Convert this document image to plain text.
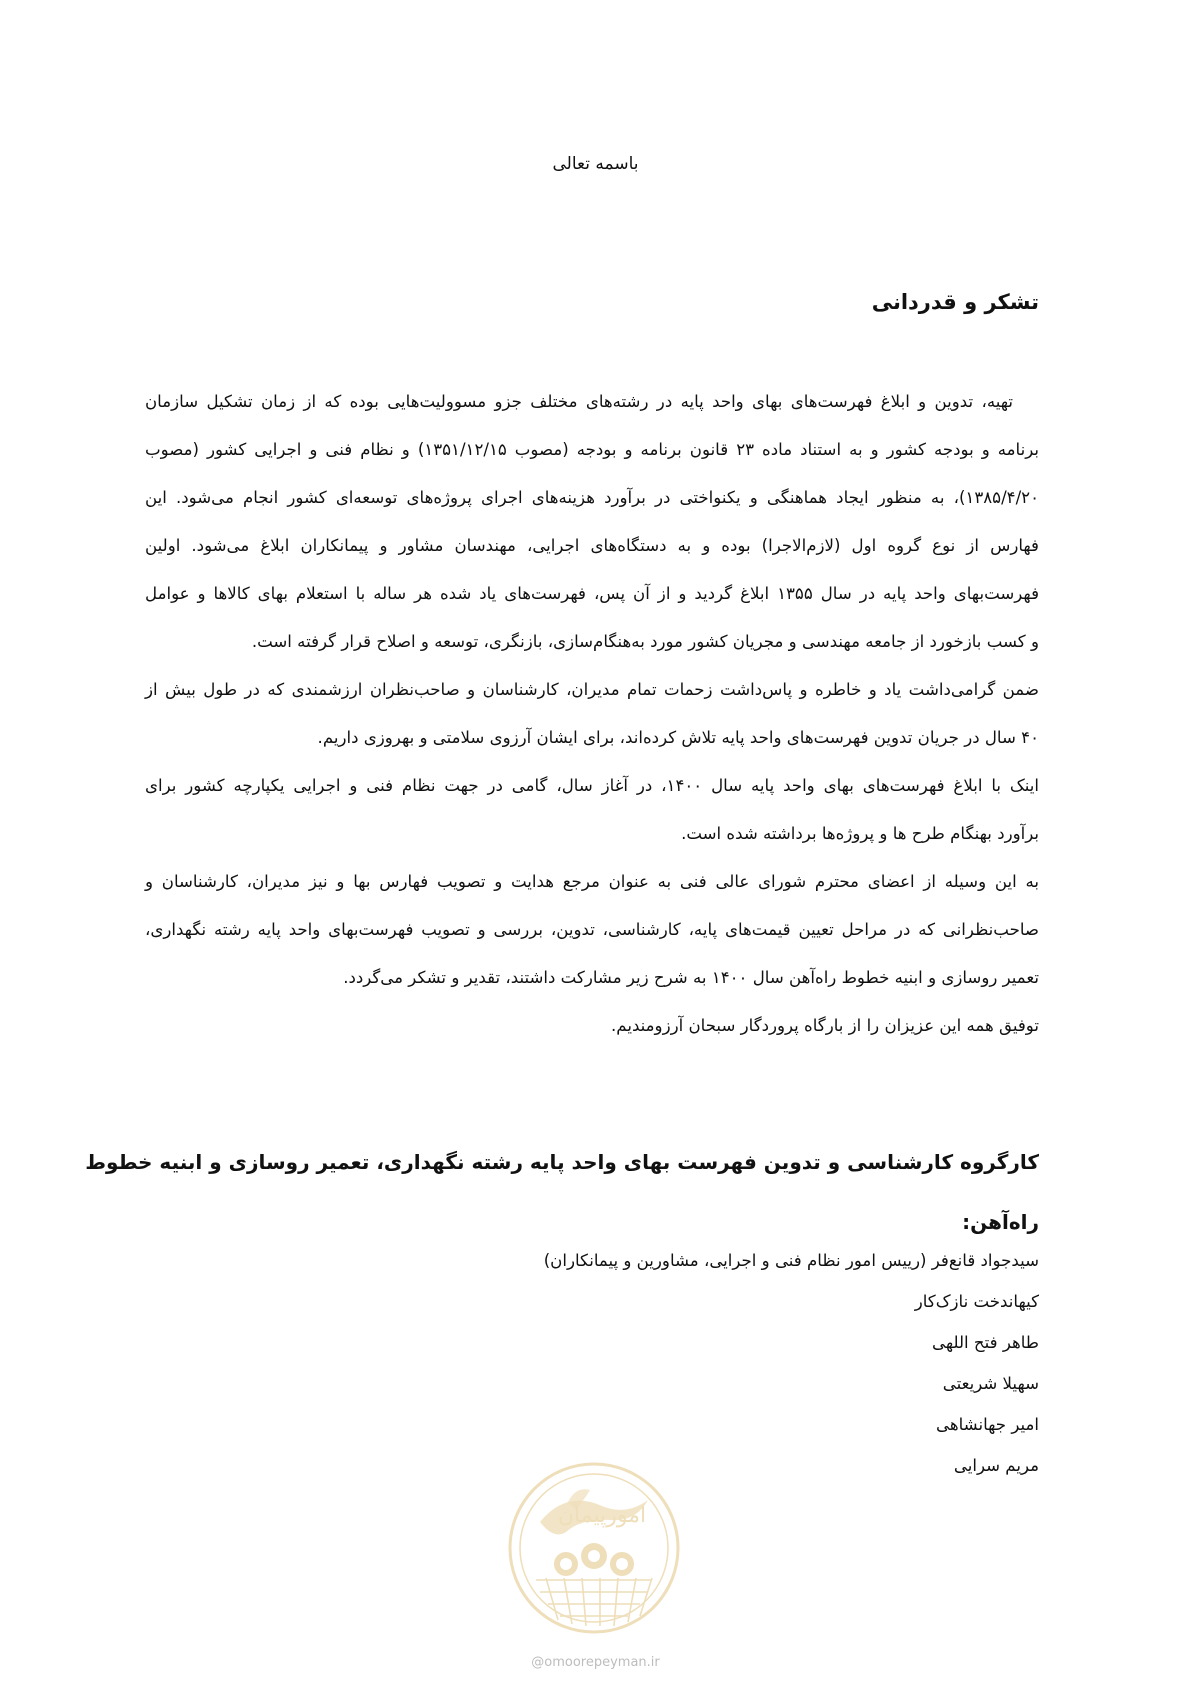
باسمه تعالی
تشکر و قدردانی
تهیه، تدوین و ابلاغ فهرست‌های بهای واحد پایه در رشته‌های مختلف جزو مسوولیت‌هایی بوده که از زمان تشکیل سازمان
برنامه و بودجه کشور و به استناد ماده ۲۳ قانون برنامه و بودجه (مصوب ۱۳۵۱/۱۲/۱۵) و نظام فنی و اجرایی کشور (مصوب
۱۳۸۵/۴/۲۰)، به منظور ایجاد هماهنگی و یکنواختی در برآورد هزینه‌های اجرای پروژه‌های توسعه‌ای کشور انجام می‌شود. این
فهارس از نوع گروه اول (لازم‌الاجرا) بوده و به دستگاه‌های اجرایی، مهندسان مشاور و پیمانکاران ابلاغ می‌شود. اولین
فهرست‌بهای واحد پایه در سال ۱۳۵۵ ابلاغ گردید و از آن پس، فهرست‌های یاد شده هر ساله با استعلام بهای کالاها و عوامل
و کسب بازخورد از جامعه مهندسی و مجریان کشور مورد به‌هنگام‌سازی، بازنگری، توسعه و اصلاح قرار گرفته است.
ضمن گرامی‌داشت یاد و خاطره و پاس‌داشت زحمات تمام مدیران، کارشناسان و صاحب‌نظران ارزشمندی که در طول بیش از
۴۰ سال در جریان تدوین فهرست‌های واحد پایه تلاش کرده‌اند، برای ایشان آرزوی سلامتی و بهروزی داریم.
اینک با ابلاغ فهرست‌های بهای واحد پایه سال ۱۴۰۰، در آغاز سال، گامی در جهت نظام فنی و اجرایی یکپارچه کشور برای
برآورد بهنگام طرح ها و پروژه‌ها برداشته شده است.
به این وسیله از اعضای محترم شورای عالی فنی به عنوان مرجع هدایت و تصویب فهارس بها و نیز مدیران، کارشناسان و
صاحب‌نظرانی که در مراحل تعیین قیمت‌های پایه، کارشناسی، تدوین، بررسی و تصویب فهرست‌بهای واحد پایه رشته نگهداری،
تعمیر روسازی و ابنیه خطوط راه‌آهن سال ۱۴۰۰ به شرح زیر مشارکت داشتند، تقدیر و تشکر می‌گردد.
توفیق همه این عزیزان را از بارگاه پروردگار سبحان آرزومندیم.
کارگروه کارشناسی و تدوین فهرست بهای واحد پایه رشته نگهداری، تعمیر روسازی و ابنیه خطوط
راه‌آهن:
سیدجواد قانع‌فر (رییس امور نظام فنی و اجرایی، مشاورین و پیمانکاران)
کیهاندخت نازک‌کار
طاهر فتح اللهی
سهیلا شریعتی
امیر جهانشاهی
مریم سرایی
امورپیمان
@omoorepeyman.ir
